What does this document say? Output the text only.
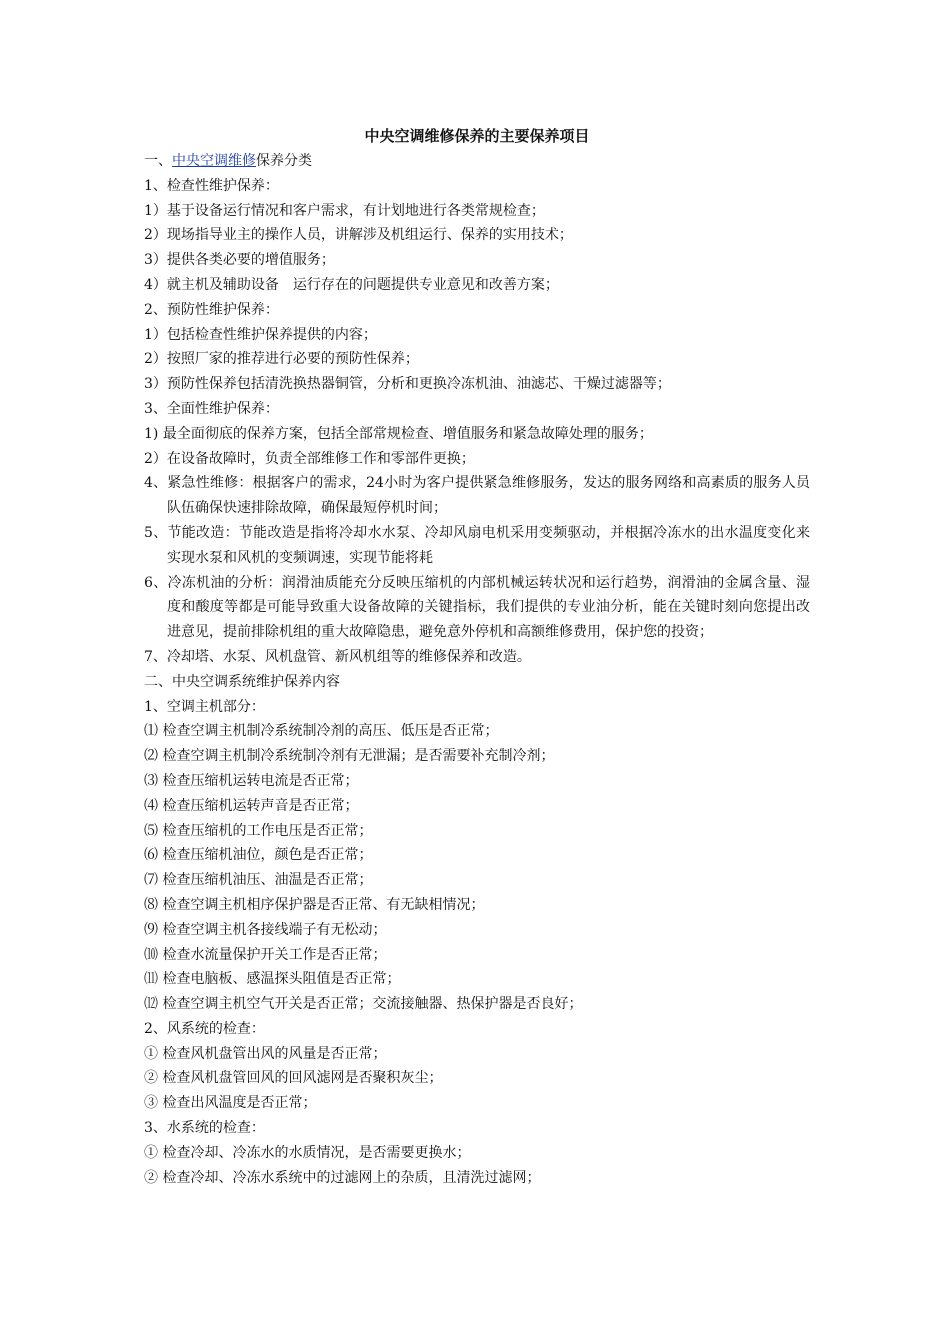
中央空调维修保养的主要保养项目

一、中央空调维修保养分类

1、检查性维护保养：

1）基于设备运行情况和客户需求，有计划地进行各类常规检查；

2）现场指导业主的操作人员，讲解涉及机组运行、保养的实用技术；

3）提供各类必要的增值服务；

4）就主机及辅助设备　运行存在的问题提供专业意见和改善方案；

2、预防性维护保养：

1）包括检查性维护保养提供的内容；

2）按照厂家的推荐进行必要的预防性保养；

3）预防性保养包括清洗换热器铜管，分析和更换冷冻机油、油滤芯、干燥过滤器等；

3、全面性维护保养：

1) 最全面彻底的保养方案，包括全部常规检查、增值服务和紧急故障处理的服务；

2）在设备故障时，负责全部维修工作和零部件更换；

4、紧急性维修：根据客户的需求，24小时为客户提供紧急维修服务，发达的服务网络和高素质的服务人员队伍确保快速排除故障，确保最短停机时间；

5、节能改造：节能改造是指将冷却水水泵、冷却风扇电机采用变频驱动，并根据冷冻水的出水温度变化来实现水泵和风机的变频调速，实现节能将耗

6、冷冻机油的分析：润滑油质能充分反映压缩机的内部机械运转状况和运行趋势，润滑油的金属含量、湿度和酸度等都是可能导致重大设备故障的关键指标，我们提供的专业油分析，能在关键时刻向您提出改进意见，提前排除机组的重大故障隐患，避免意外停机和高额维修费用，保护您的投资；

7、冷却塔、水泵、风机盘管、新风机组等的维修保养和改造。

二、中央空调系统维护保养内容

1、空调主机部分：

⑴ 检查空调主机制冷系统制冷剂的高压、低压是否正常；

⑵ 检查空调主机制冷系统制冷剂有无泄漏；是否需要补充制冷剂；

⑶ 检查压缩机运转电流是否正常；

⑷ 检查压缩机运转声音是否正常；

⑸ 检查压缩机的工作电压是否正常；

⑹ 检查压缩机油位，颜色是否正常；

⑺ 检查压缩机油压、油温是否正常；

⑻ 检查空调主机相序保护器是否正常、有无缺相情况；

⑼ 检查空调主机各接线端子有无松动；

⑽ 检查水流量保护开关工作是否正常；

⑾ 检查电脑板、感温探头阻值是否正常；

⑿ 检查空调主机空气开关是否正常；交流接触器、热保护器是否良好；

2、风系统的检查：

① 检查风机盘管出风的风量是否正常；

② 检查风机盘管回风的回风滤网是否聚积灰尘；

③ 检查出风温度是否正常；

3、水系统的检查：

① 检查冷却、冷冻水的水质情况，是否需要更换水；

② 检查冷却、冷冻水系统中的过滤网上的杂质，且清洗过滤网；
